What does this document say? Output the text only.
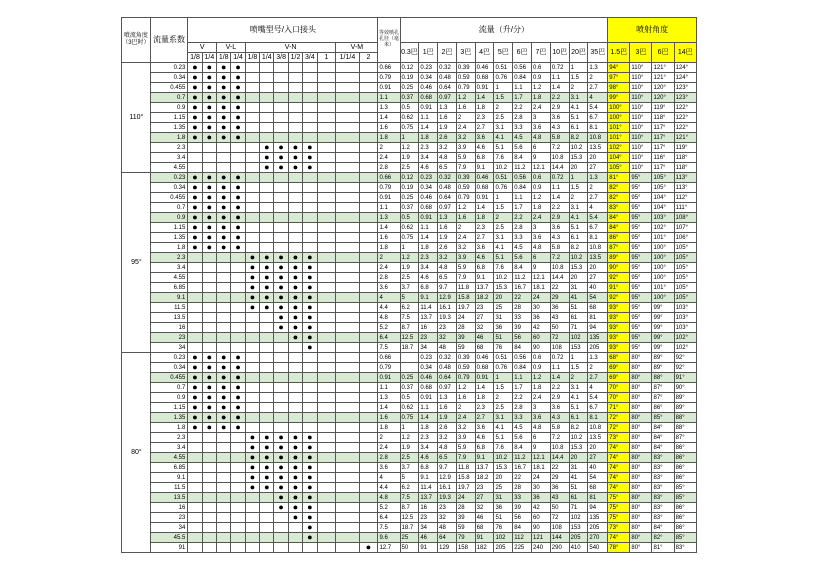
噴流角度（3巴时）	流量系数	喷嘴型号/入口接头												等效喷孔孔径（毫米）	流量（升/分）											喷射角度			
		V		V-L		V-N						V-M			0.3巴	1巴	2巴	3巴	4巴	5巴	6巴	7巴	10巴	20巴	35巴	1.5巴	3巴	6巴	14巴
		1/8	1/4	1/8	1/4	1/8	1/4	3/8	1/2	3/4	1	1/1/4	2																
110°	0.23	●	●	●	●									0.66	0.12	0.23	0.32	0.39	0.46	0.51	0.56	0.6	0.72	1	1.3	94°	110°	121°	124°
	0.34	●	●	●	●									0.79	0.19	0.34	0.48	0.59	0.68	0.76	0.84	0.9	1.1	1.5	2	97°	110°	121°	124°
	0.455	●	●	●	●									0.91	0.25	0.46	0.64	0.79	0.91	1	1.1	1.2	1.4	2	2.7	98°	110°	120°	123°
	0.7	●	●	●	●									1.1	0.37	0.68	0.97	1.2	1.4	1.5	1.7	1.8	2.2	3.1	4	99°	110°	120°	123°
	0.9	●	●	●	●									1.3	0.5	0.91	1.3	1.6	1.8	2	2.2	2.4	2.9	4.1	5.4	100°	110°	119°	122°
	1.15	●	●	●	●									1.4	0.62	1.1	1.6	2	2.3	2.5	2.8	3	3.6	5.1	6.7	100°	110°	118°	122°
	1.35	●	●	●	●									1.6	0.75	1.4	1.9	2.4	2.7	3.1	3.3	3.6	4.3	6.1	8.1	101°	110°	117°	122°
	1.8	●	●	●	●									1.8	1	1.8	2.6	3.2	3.6	4.1	4.5	4.8	5.8	8.2	10.8	101°	110°	117°	121°
	2.3						●	●	●	●				2	1.2	2.3	3.2	3.9	4.6	5.1	5.6	6	7.2	10.2	13.5	102°	110°	117°	119°
	3.4						●	●	●	●				2.4	1.9	3.4	4.8	5.9	6.8	7.6	8.4	9	10.8	15.3	20	104°	110°	116°	118°
	4.55						●	●	●	●				2.8	2.5	4.6	6.5	7.9	9.1	10.2	11.2	12.1	14.4	20	27	105°	110°	117°	118°
95°	0.23	●	●	●	●									0.66	0.12	0.23	0.32	0.39	0.46	0.51	0.56	0.6	0.72	1	1.3	81°	95°	105°	113°
	0.34	●	●	●	●									0.79	0.19	0.34	0.48	0.59	0.68	0.76	0.84	0.9	1.1	1.5	2	82°	95°	105°	113°
	0.455	●	●	●	●									0.91	0.25	0.46	0.64	0.79	0.91	1	1.1	1.2	1.4	2	2.7	82°	95°	104°	112°
	0.7	●	●	●	●									1.1	0.37	0.68	0.97	1.2	1.4	1.5	1.7	1.8	2.2	3.1	4	83°	95°	104°	111°
	0.9	●	●	●	●									1.3	0.5	0.91	1.3	1.6	1.8	2	2.2	2.4	2.9	4.1	5.4	84°	95°	103°	108°
	1.15	●	●	●	●									1.4	0.62	1.1	1.6	2	2.3	2.5	2.8	3	3.6	5.1	6.7	84°	95°	102°	107°
	1.35	●	●	●	●									1.6	0.75	1.4	1.9	2.4	2.7	3.1	3.3	3.6	4.3	6.1	8.1	86°	95°	101°	106°
	1.8	●	●	●	●									1.8	1	1.8	2.6	3.2	3.6	4.1	4.5	4.8	5.8	8.2	10.8	87°	95°	100°	105°
	2.3					●	●	●	●	●				2	1.2	2.3	3.2	3.9	4.6	5.1	5.6	6	7.2	10.2	13.5	89°	95°	100°	105°
	3.4					●	●	●	●	●				2.4	1.9	3.4	4.8	5.9	6.8	7.6	8.4	9	10.8	15.3	20	90°	95°	100°	105°
	4.55					●	●	●	●	●				2.8	2.5	4.6	6.5	7.9	9.1	10.2	11.2	12.1	14.4	20	27	92°	95°	100°	105°
	6.85					●	●	●	●	●				3.6	3.7	6.8	9.7	11.8	13.7	15.3	16.7	18.1	22	31	40	91°	95°	101°	105°
	9.1					●	●	●	●	●				4	5	9.1	12.9	15.8	18.2	20	22	24	29	41	54	92°	95°	100°	105°
	11.5					●	●	●	●	●				4.4	6.2	11.4	16.1	19.7	23	25	28	30	36	51	68	93°	95°	99°	103°
	13.5							●	●	●				4.8	7.5	13.7	19.3	24	27	31	33	36	43	61	81	93°	95°	99°	103°
	16							●	●	●				5.2	8.7	16	23	28	32	36	39	42	50	71	94	93°	95°	99°	103°
	23								●	●				6.4	12.5	23	32	39	46	51	56	60	72	102	135	93°	95°	99°	102°
	34									●				7.5	18.7	34	48	59	68	76	84	90	108	153	205	93°	95°	99°	102°
80°	0.23	●	●	●	●									0.66		0.23	0.32	0.39	0.46	0.51	0.56	0.6	0.72	1	1.3	68°	80°	89°	92°
	0.34	●	●	●	●									0.79		0.34	0.48	0.59	0.68	0.76	0.84	0.9	1.1	1.5	2	69°	80°	89°	92°
	0.455	●	●	●	●									0.91	0.25	0.46	0.64	0.79	0.91	1	1.1	1.2	1.4	2	2.7	69°	80°	88°	91°
	0.7	●	●	●	●									1.1	0.37	0.68	0.97	1.2	1.4	1.5	1.7	1.8	2.2	3.1	4	70°	80°	87°	90°
	0.9	●	●	●	●									1.3	0.5	0.91	1.3	1.6	1.8	2	2.2	2.4	2.9	4.1	5.4	70°	80°	87°	89°
	1.15	●	●	●	●									1.4	0.62	1.1	1.6	2	2.3	2.5	2.8	3	3.6	5.1	6.7	71°	80°	86°	89°
	1.35	●	●	●	●									1.6	0.75	1.4	1.9	2.4	2.7	3.1	3.3	3.6	4.3	6.1	8.1	72°	80°	85°	88°
	1.8	●	●	●	●									1.8	1	1.8	2.6	3.2	3.6	4.1	4.5	4.8	5.8	8.2	10.8	72°	80°	84°	88°
	2.3					●	●	●	●	●				2	1.2	2.3	3.2	3.9	4.6	5.1	5.6	6	7.2	10.2	13.5	73°	80°	84°	87°
	3.4					●	●	●	●	●				2.4	1.9	3.4	4.8	5.9	6.8	7.6	8.4	9	10.8	15.3	20	74°	80°	84°	86°
	4.55					●	●	●	●	●				2.8	2.5	4.6	6.5	7.9	9.1	10.2	11.2	12.1	14.4	20	27	74°	80°	83°	86°
	6.85					●	●	●	●	●				3.6	3.7	6.8	9.7	11.8	13.7	15.3	16.7	18.1	22	31	40	74°	80°	83°	86°
	9.1					●	●	●	●	●				4	5	9.1	12.9	15.8	18.2	20	22	24	29	41	54	74°	80°	83°	86°
	11.5					●	●	●	●	●				4.4	6.2	11.4	16.1	19.7	23	25	28	30	36	51	68	74°	80°	83°	85°
	13.5							●	●	●				4.8	7.5	13.7	19.3	24	27	31	33	36	43	61	81	75°	80°	83°	85°
	16							●	●	●				5.2	8.7	16	23	28	32	36	39	42	50	71	94	75°	80°	83°	86°
	23								●	●				6.4	12.5	23	32	39	46	51	56	60	72	102	135	75°	80°	83°	86°
	34									●				7.5	18.7	34	48	59	68	76	84	90	108	153	205	73°	80°	84°	86°
	45.5									●				9.6	25	46	64	79	91	102	112	121	144	205	270	74°	80°	82°	85°
	91												●	12.7	50	91	129	158	182	205	225	240	290	410	540	78°	80°	81°	83°
